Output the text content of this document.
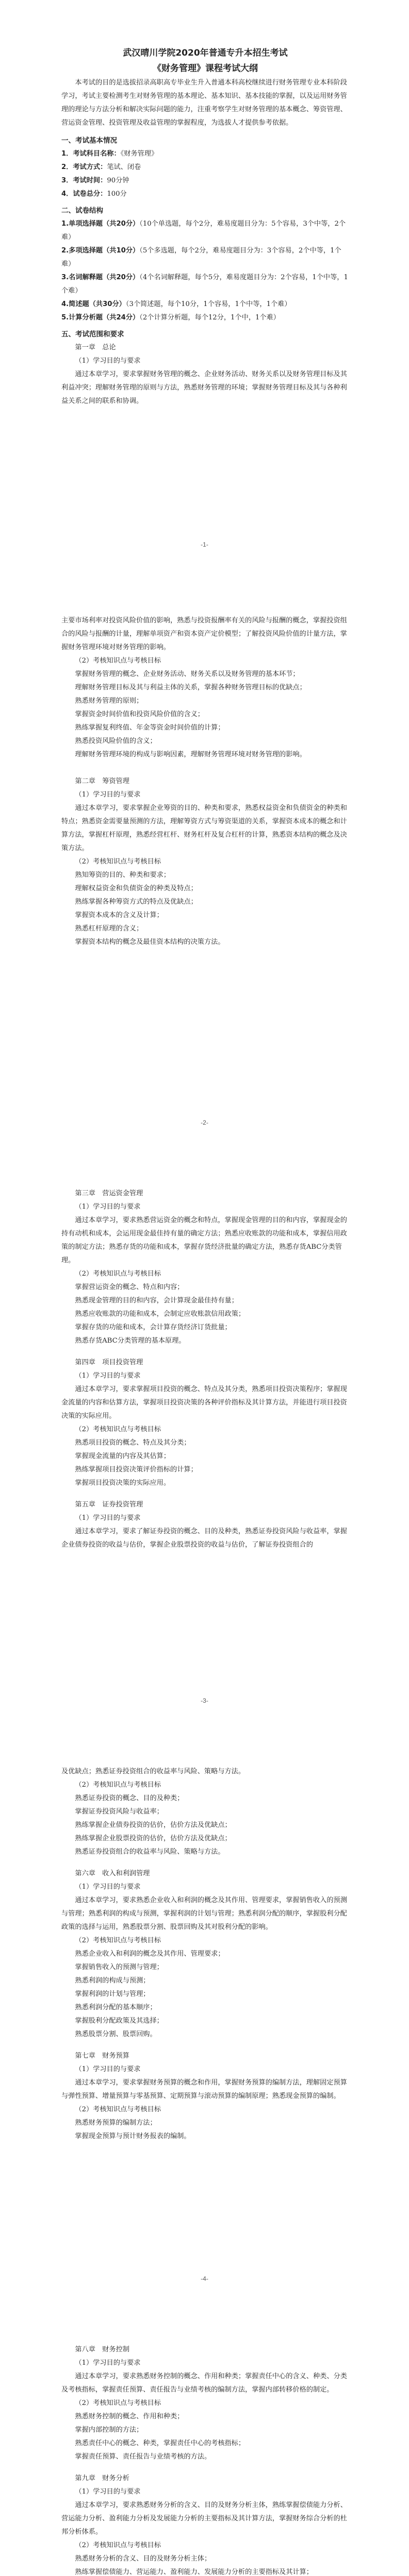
武汉晴川学院2020年普通专升本招生考试

《财务管理》课程考试大纲

本考试的目的是选拔招录高职高专毕业生升入普通本科高校继续进行财务管理专业本科阶段学习，考试主要检测考生对财务管理的基本理论、基本知识、基本技能的掌握，以及运用财务管理的理论与方法分析和解决实际问题的能力，注重考察学生对财务管理的基本概念、筹资管理、营运资金管理、投资管理及收益管理的掌握程度，为选拔人才提供参考依据。

一、考试基本情况

1．考试科目名称：《财务管理》

2．考试方式：笔试、闭卷

3．考试时间：90分钟

4．试卷总分：100分

二、试卷结构

1.单项选择题（共20分）（10个单选题，每个2分，难易度题目分为：5个容易，3个中等，2个难）

2.多项选择题（共10分）（5个多选题，每个2分，难易度题目分为：3个容易，2个中等，1个难）

3.名词解释题（共20分）（4个名词解释题，每个5分，难易度题目分为：2个容易，1个中等，1个难）

4.简述题（共30分）（3个简述题，每个10分，1个容易，1个中等，1个难）

5.计算分析题（共24分）（2个计算分析题，每个12分，1个中，1个难）

五、考试范围和要求

第一章　总论

（1）学习目的与要求

通过本章学习，要求掌握财务管理的概念、企业财务活动、财务关系以及财务管理目标及其利益冲突；理解财务管理的原则与方法，熟悉财务管理的环境；掌握财务管理目标及其与各种利益关系之间的联系和协调。

-1-

主要市场利率对投资风险价值的影响，熟悉与投资报酬率有关的风险与报酬的概念，掌握投资组合的风险与报酬的计量，理解单项资产和资本资产定价模型；了解投资风险价值的计量方法，掌握财务管理环境对财务管理的影响。

（2）考核知识点与考核目标

掌握财务管理的概念、企业财务活动、财务关系以及财务管理的基本环节；

理解财务管理目标及其与利益主体的关系，掌握各种财务管理目标的优缺点；

熟悉财务管理的原则；

掌握资金时间价值和投资风险价值的含义；

熟练掌握复利终值、年金等资金时间价值的计算；

熟悉投资风险价值的含义；

理解财务管理环境的构成与影响因素，理解财务管理环境对财务管理的影响。

第二章　筹资管理

（1）学习目的与要求

通过本章学习，要求掌握企业筹资的目的、种类和要求，熟悉权益资金和负债资金的种类和特点；熟悉资金需要量预测的方法，理解筹资方式与筹资渠道的关系，掌握资本成本的概念和计算方法，掌握杠杆原理，熟悉经营杠杆、财务杠杆及复合杠杆的计算，熟悉资本结构的概念及决策方法。

（2）考核知识点与考核目标

熟知筹资的目的、种类和要求；

理解权益资金和负债资金的种类及特点；

熟练掌握各种筹资方式的特点及优缺点；

掌握资本成本的含义及计算；

熟悉杠杆原理的含义；

掌握资本结构的概念及最佳资本结构的决策方法。

-2-

第三章　营运资金管理

（1）学习目的与要求

通过本章学习，要求熟悉营运资金的概念和特点，掌握现金管理的目的和内容，掌握现金的持有动机和成本，会运用现金最佳持有量的确定方法；熟悉应收账款的功能和成本，掌握信用政策的制定方法；熟悉存货的功能和成本，掌握存货经济批量的确定方法，熟悉存货ABC分类管理。

（2）考核知识点与考核目标

掌握营运资金的概念、特点和内容；

熟悉现金管理的目的和内容，会计算现金最佳持有量；

熟悉应收账款的功能和成本，会制定应收账款信用政策；

掌握存货的功能和成本，会计算存货经济订货批量；

熟悉存货ABC分类管理的基本原理。

第四章　项目投资管理

（1）学习目的与要求

通过本章学习，要求掌握项目投资的概念、特点及其分类，熟悉项目投资决策程序；掌握现金流量的内容和估算方法，掌握项目投资决策的各种评价指标及其计算方法，并能进行项目投资决策的实际应用。

（2）考核知识点与考核目标

熟悉项目投资的概念、特点及其分类；

掌握现金流量的内容及其估算；

熟练掌握项目投资决策评价指标的计算；

掌握项目投资决策的实际应用。

第五章　证券投资管理

（1）学习目的与要求

通过本章学习，要求了解证券投资的概念、目的及种类，熟悉证券投资风险与收益率，掌握企业债券投资的收益与估价，掌握企业股票投资的收益与估价，了解证券投资组合的

-3-

及优缺点；熟悉证券投资组合的收益率与风险、策略与方法。

（2）考核知识点与考核目标

熟悉证券投资的概念、目的及种类；

掌握证券投资风险与收益率；

熟练掌握企业债券投资的估价，估价方法及优缺点；

熟练掌握企业股票投资的估价，估价方法及优缺点；

熟悉证券投资组合的收益率与风险、策略与方法。

第六章　收入和利润管理

（1）学习目的与要求

通过本章学习，要求熟悉企业收入和利润的概念及其作用、管理要求，掌握销售收入的预测与管理；熟悉利润的构成与预测，掌握利润的计划与管理；熟悉利润分配的顺序，掌握股利分配政策的选择与运用，熟悉股票分割、股票回购及其对股利分配的影响。

（2）考核知识点与考核目标

熟悉企业收入和利润的概念及其作用、管理要求；

掌握销售收入的预测与管理；

熟悉利润的构成与预测；

掌握利润的计划与管理；

熟悉利润分配的基本顺序；

掌握股利分配政策及其选择；

熟悉股票分割、股票回购。

第七章　财务预算

（1）学习目的与要求

通过本章学习，要求掌握财务预算的概念和作用，掌握财务预算的编制方法，理解固定预算与弹性预算、增量预算与零基预算、定期预算与滚动预算的编制原理；熟悉现金预算的编制。

（2）考核知识点与考核目标

熟悉财务预算的编制方法；

掌握现金预算与预计财务报表的编制。

-4-

第八章　财务控制

（1）学习目的与要求

通过本章学习，要求熟悉财务控制的概念、作用和种类；掌握责任中心的含义、种类、分类及考核指标，掌握责任预算、责任报告与业绩考核的编制方法，掌握内部转移价格的制定。

（2）考核知识点与考核目标

熟悉财务控制的概念、作用和种类；

掌握内部控制的方法；

熟悉责任中心的概念、种类，掌握责任中心的考核指标；

掌握责任预算、责任报告与业绩考核的方法。

第九章　财务分析

（1）学习目的与要求

通过本章学习，要求熟悉财务分析的含义、目的及财务分析主体，熟练掌握偿债能力分析、营运能力分析、盈利能力分析及发展能力分析的主要指标及其计算方法，掌握财务综合分析的杜邦分析体系。

（2）考核知识点与考核目标

熟悉财务分析的含义、目的及财务分析主体；

熟练掌握偿债能力、营运能力、盈利能力、发展能力分析的主要指标及其计算；
